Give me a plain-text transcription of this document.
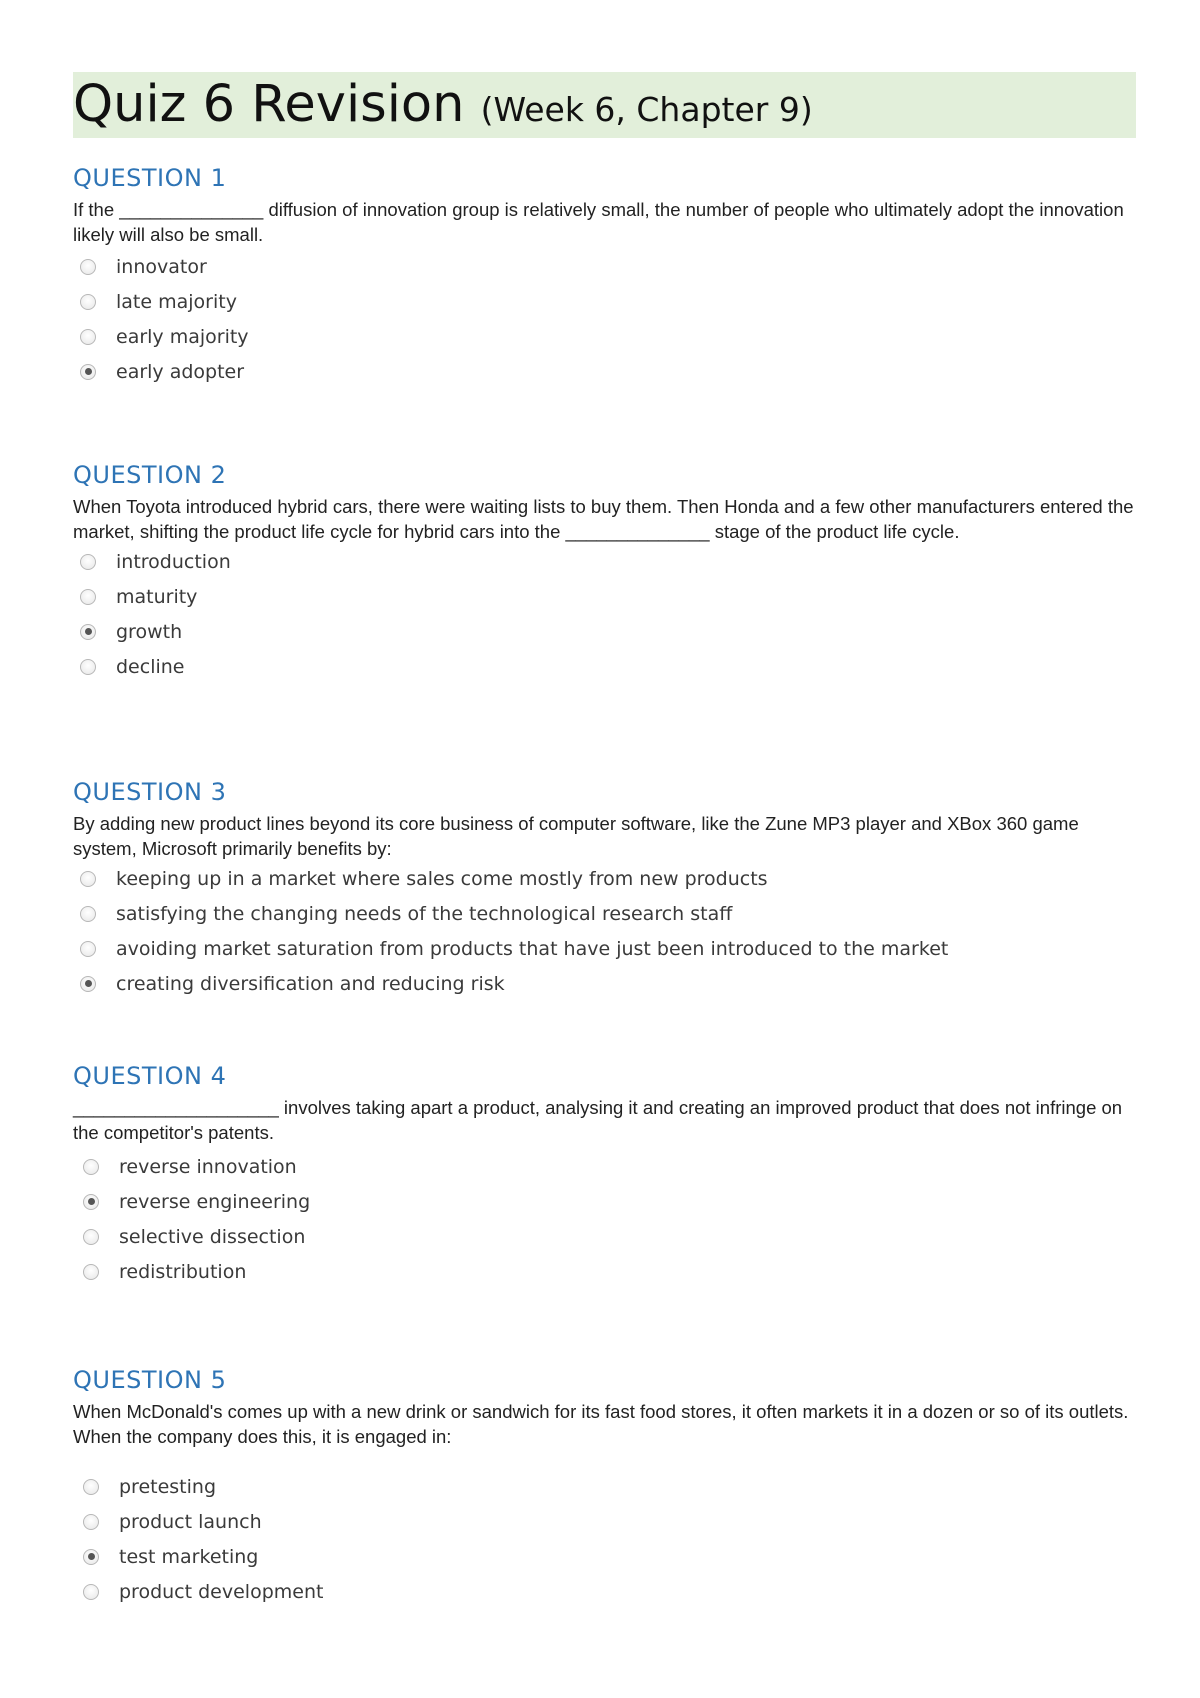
Quiz 6 Revision (Week 6, Chapter 9)
QUESTION 1

If the ______________ diffusion of innovation group is relatively small, the number of people who ultimately adopt the innovation likely will also be small.

innovator
late majority
early majority
early adopter
QUESTION 2

When Toyota introduced hybrid cars, there were waiting lists to buy them. Then Honda and a few other manufacturers entered the market, shifting the product life cycle for hybrid cars into the ______________ stage of the product life cycle.

introduction
maturity
growth
decline
QUESTION 3

By adding new product lines beyond its core business of computer software, like the Zune MP3 player and XBox 360 game system, Microsoft primarily benefits by:

keeping up in a market where sales come mostly from new products
satisfying the changing needs of the technological research staff
avoiding market saturation from products that have just been introduced to the market
creating diversification and reducing risk
QUESTION 4

____________________ involves taking apart a product, analysing it and creating an improved product that does not infringe on the competitor's patents.

reverse innovation
reverse engineering
selective dissection
redistribution
QUESTION 5

When McDonald's comes up with a new drink or sandwich for its fast food stores, it often markets it in a dozen or so of its outlets. When the company does this, it is engaged in:

pretesting
product launch
test marketing
product development
